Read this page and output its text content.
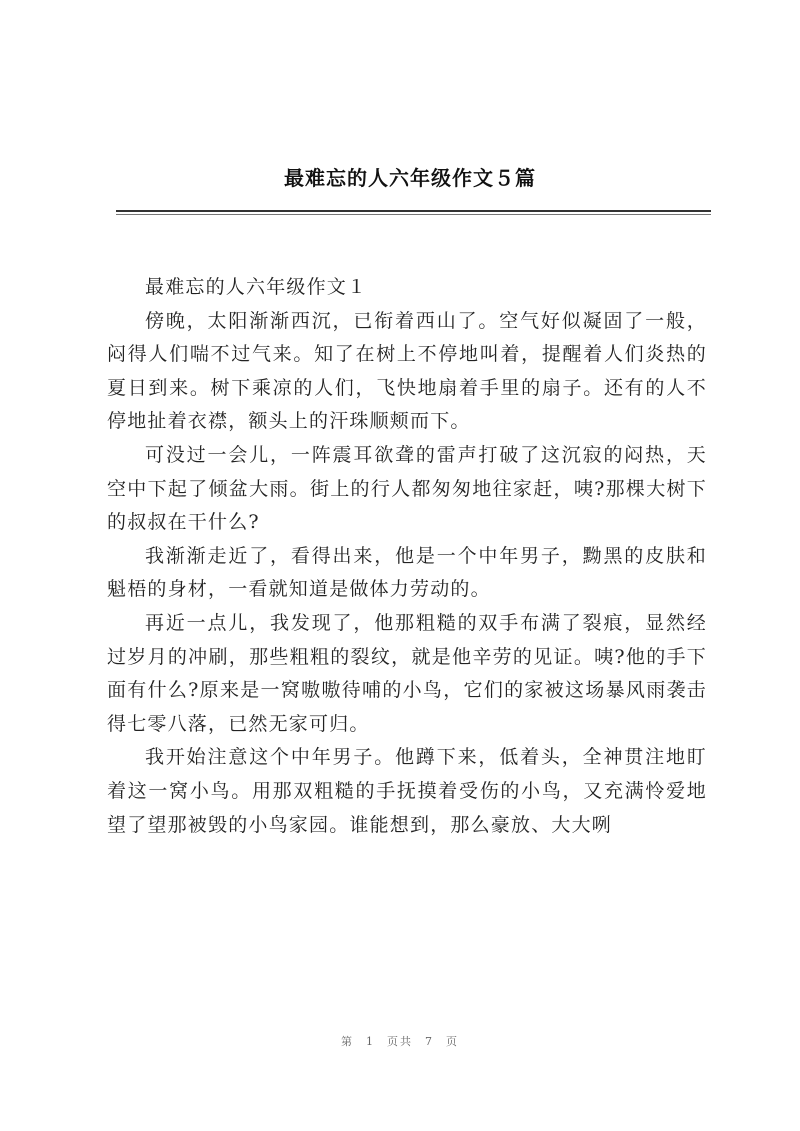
最难忘的人六年级作文５篇

最难忘的人六年级作文１

傍晚，太阳渐渐西沉，已衔着西山了。空气好似凝固了一般，闷得人们喘不过气来。知了在树上不停地叫着，提醒着人们炎热的夏日到来。树下乘凉的人们，飞快地扇着手里的扇子。还有的人不停地扯着衣襟，额头上的汗珠顺颊而下。

可没过一会儿，一阵震耳欲聋的雷声打破了这沉寂的闷热，天空中下起了倾盆大雨。街上的行人都匆匆地往家赶，咦?那棵大树下的叔叔在干什么?

我渐渐走近了，看得出来，他是一个中年男子，黝黑的皮肤和魁梧的身材，一看就知道是做体力劳动的。

再近一点儿，我发现了，他那粗糙的双手布满了裂痕，显然经过岁月的冲刷，那些粗粗的裂纹，就是他辛劳的见证。咦?他的手下面有什么?原来是一窝嗷嗷待哺的小鸟，它们的家被这场暴风雨袭击得七零八落，已然无家可归。

我开始注意这个中年男子。他蹲下来，低着头，全神贯注地盯着这一窝小鸟。用那双粗糙的手抚摸着受伤的小鸟，又充满怜爱地望了望那被毁的小鸟家园。谁能想到，那么豪放、大大咧

第 1 页共 7 页
